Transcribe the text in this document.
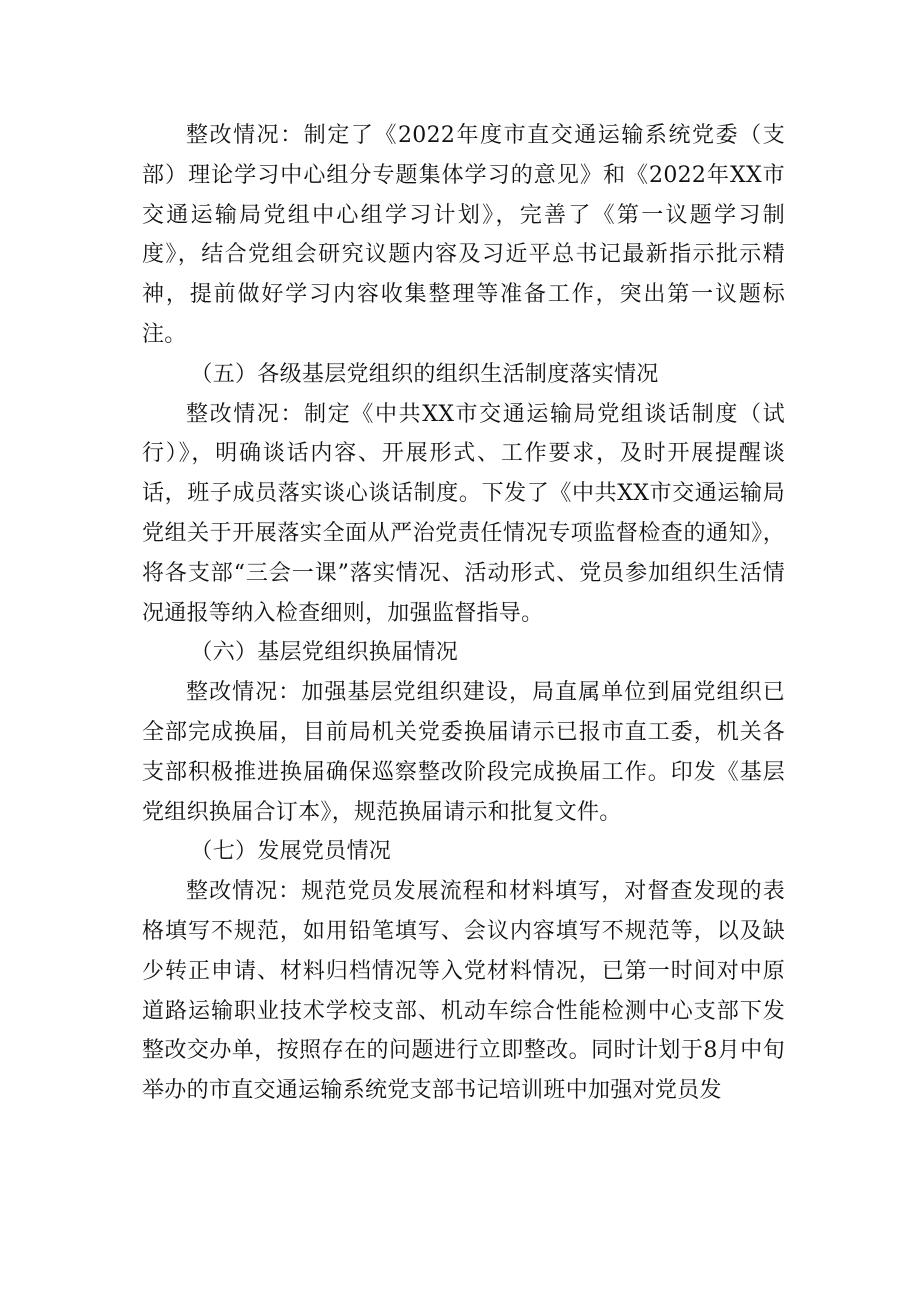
整改情况：制定了《2022年度市直交通运输系统党委（支部）理论学习中心组分专题集体学习的意见》和《2022年XX市交通运输局党组中心组学习计划》，完善了《第一议题学习制度》，结合党组会研究议题内容及习近平总书记最新指示批示精神，提前做好学习内容收集整理等准备工作，突出第一议题标注。

（五）各级基层党组织的组织生活制度落实情况

整改情况：制定《中共XX市交通运输局党组谈话制度（试行）》，明确谈话内容、开展形式、工作要求，及时开展提醒谈话，班子成员落实谈心谈话制度。下发了《中共XX市交通运输局党组关于开展落实全面从严治党责任情况专项监督检查的通知》，将各支部“三会一课”落实情况、活动形式、党员参加组织生活情况通报等纳入检查细则，加强监督指导。

（六）基层党组织换届情况

整改情况：加强基层党组织建设，局直属单位到届党组织已全部完成换届，目前局机关党委换届请示已报市直工委，机关各支部积极推进换届确保巡察整改阶段完成换届工作。印发《基层党组织换届合订本》，规范换届请示和批复文件。

（七）发展党员情况

整改情况：规范党员发展流程和材料填写，对督查发现的表格填写不规范，如用铅笔填写、会议内容填写不规范等，以及缺少转正申请、材料归档情况等入党材料情况，已第一时间对中原道路运输职业技术学校支部、机动车综合性能检测中心支部下发整改交办单，按照存在的问题进行立即整改。同时计划于8月中旬举办的市直交通运输系统党支部书记培训班中加强对党员发
